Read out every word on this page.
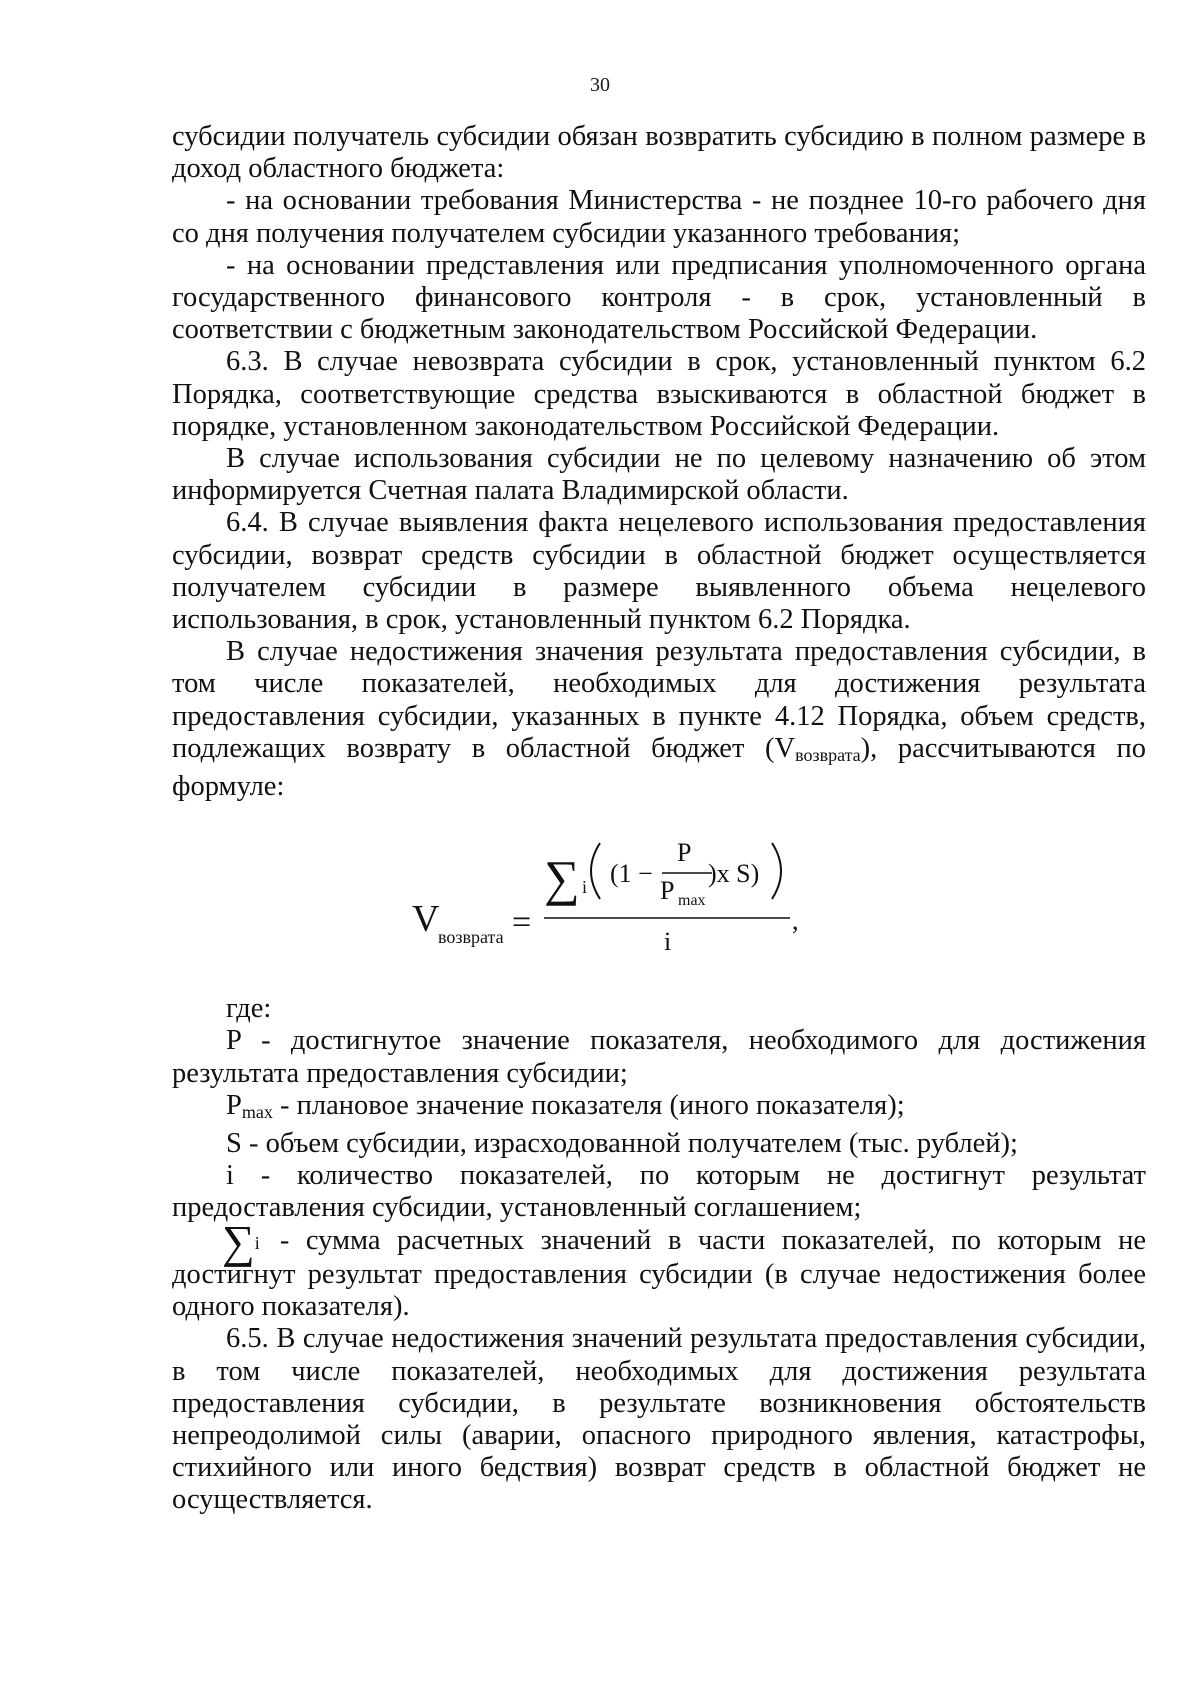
30

субсидии получатель субсидии обязан возвратить субсидию в полном размере в доход областного бюджета:

- на основании требования Министерства - не позднее 10-го рабочего дня со дня получения получателем субсидии указанного требования;

- на основании представления или предписания уполномоченного органа государственного финансового контроля - в срок, установленный в соответствии с бюджетным законодательством Российской Федерации.

6.3. В случае невозврата субсидии в срок, установленный пунктом 6.2 Порядка, соответствующие средства взыскиваются в областной бюджет в порядке, установленном законодательством Российской Федерации.

В случае использования субсидии не по целевому назначению об этом информируется Счетная палата Владимирской области.

6.4. В случае выявления факта нецелевого использования предоставления субсидии, возврат средств субсидии в областной бюджет осуществляется получателем субсидии в размере выявленного объема нецелевого использования, в срок, установленный пунктом 6.2 Порядка.

В случае недостижения значения результата предоставления субсидии, в том числе показателей, необходимых для достижения результата предоставления субсидии, указанных в пункте 4.12 Порядка, объем средств, подлежащих возврату в областной бюджет $(V_{возврата})$, рассчитываются по формуле:

V
возврата =
∑ i (1 −
P
P max
)x S)
i
,

где:

P - достигнутое значение показателя, необходимого для достижения результата предоставления субсидии;

$P_{max}$ - плановое значение показателя (иного показателя);

S - объем субсидии, израсходованной получателем (тыс. рублей);

i - количество показателей, по которым не достигнут результат предоставления субсидии, установленный соглашением;

∑i - сумма расчетных значений в части показателей, по которым не достигнут результат предоставления субсидии (в случае недостижения более одного показателя).

6.5. В случае недостижения значений результата предоставления субсидии, в том числе показателей, необходимых для достижения результата предоставления субсидии, в результате возникновения обстоятельств непреодолимой силы (аварии, опасного природного явления, катастрофы, стихийного или иного бедствия) возврат средств в областной бюджет не осуществляется.
